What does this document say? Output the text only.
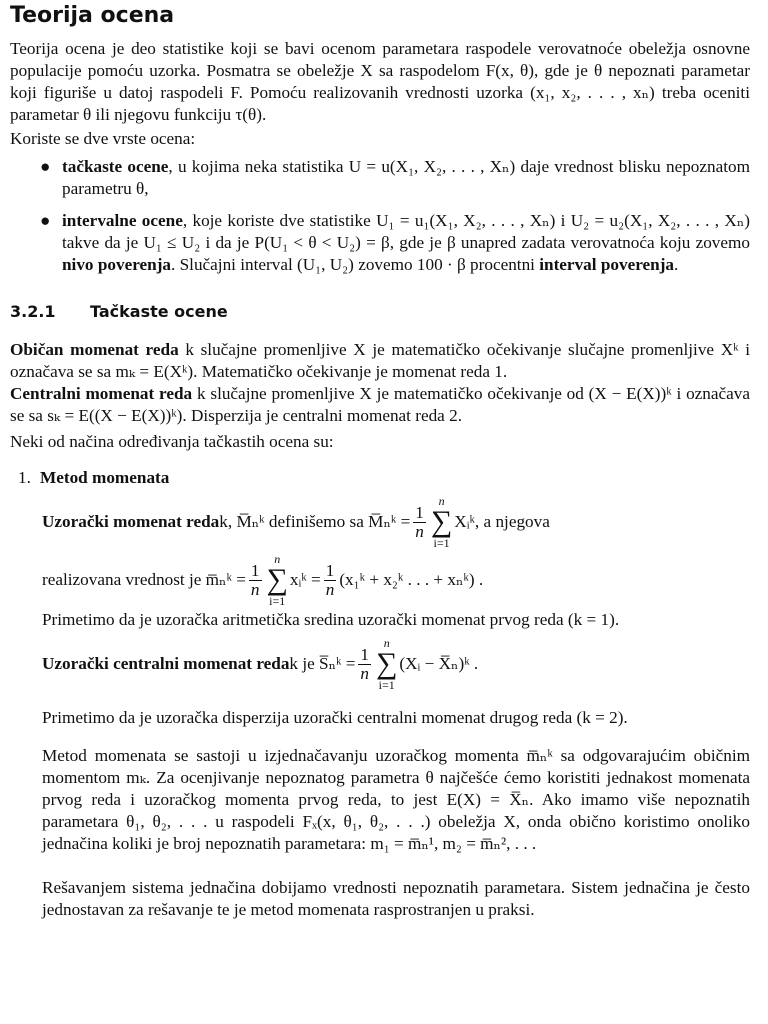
Teorija ocena

Teorija ocena je deo statistike koji se bavi ocenom parametara raspodele verovatnoće obeležja osnovne populacije pomoću uzorka. Posmatra se obeležje X sa raspodelom F(x, θ), gde je θ nepoznati parametar koji figuriše u datoj raspodeli F. Pomoću realizovanih vrednosti uzorka (x₁, x₂, . . . , xₙ) treba oceniti parametar θ ili njegovu funkciju τ(θ).

Koriste se dve vrste ocena:

● tačkaste ocene, u kojima neka statistika U = u(X₁, X₂, . . . , Xₙ) daje vrednost blisku nepoznatom parametru θ,
● intervalne ocene, koje koriste dve statistike U₁ = u₁(X₁, X₂, . . . , Xₙ) i U₂ = u₂(X₁, X₂, . . . , Xₙ) takve da je U₁ ≤ U₂ i da je P(U₁ < θ < U₂) = β, gde je β unapred zadata verovatnoća koju zovemo nivo poverenja. Slučajni interval (U₁, U₂) zovemo 100 · β procentni interval poverenja.
3.2.1 Tačkaste ocene

Običan momenat reda k slučajne promenljive X je matematičko očekivanje slučajne promenljive Xᵏ i označava se sa mₖ = E(Xᵏ). Matematičko očekivanje je momenat reda 1.

Centralni momenat reda k slučajne promenljive X je matematičko očekivanje od (X − E(X))ᵏ i označava se sa sₖ = E((X − E(X))ᵏ). Disperzija je centralni momenat reda 2.

Neki od načina određivanja tačkastih ocena su:

1. Metod momenata
Uzorački momenat reda k, M̅ₙᵏ definišemo sa M̅ₙᵏ = $\frac{1}{n}$
n
∑
i=1
Xᵢᵏ, a njegova
realizovana vrednost je m̅ₙᵏ = $\frac{1}{n}$
n
∑
i=1
xᵢᵏ = $\frac{1}{n}$ (x₁ᵏ + x₂ᵏ . . . + xₙᵏ) .

Primetimo da je uzoračka aritmetička sredina uzorački momenat prvog reda (k = 1).

Uzorački centralni momenat reda k je S̅ₙᵏ = $\frac{1}{n}$
n
∑
i=1
(Xᵢ − X̅ₙ)ᵏ .

Primetimo da je uzoračka disperzija uzorački centralni momenat drugog reda (k = 2).

Metod momenata se sastoji u izjednačavanju uzoračkog momenta m̅ₙᵏ sa odgovarajućim običnim momentom mₖ. Za ocenjivanje nepoznatog parametra θ najčešće ćemo koristiti jednakost momenata prvog reda i uzoračkog momenta prvog reda, to jest E(X) = X̅ₙ. Ako imamo više nepoznatih parametara θ₁, θ₂, . . . u raspodeli Fₓ(x, θ₁, θ₂, . . .) obeležja X, onda obično koristimo onoliko jednačina koliki je broj nepoznatih parametara: m₁ = m̅ₙ¹, m₂ = m̅ₙ², . . .

Rešavanjem sistema jednačina dobijamo vrednosti nepoznatih parametara. Sistem jednačina je često jednostavan za rešavanje te je metod momenata rasprostranjen u praksi.
